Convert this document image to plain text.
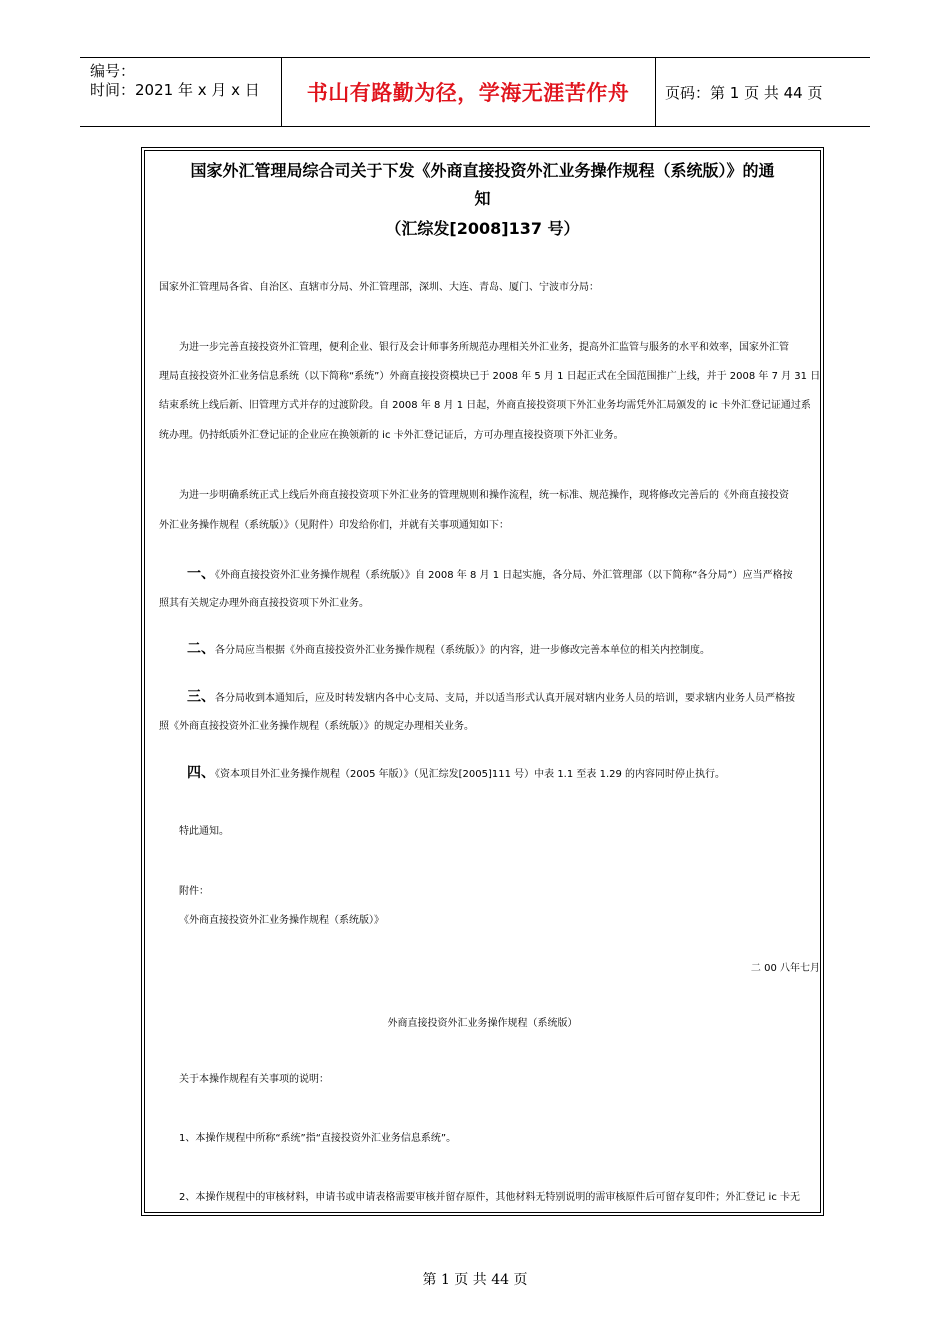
编号：
时间：2021 年 x 月 x 日	书山有路勤为径，学海无涯苦作舟	页码：第 1 页 共 44 页
国家外汇管理局综合司关于下发《外商直接投资外汇业务操作规程（系统版）》的通
知
（汇综发[2008]137 号）
国家外汇管理局各省、自治区、直辖市分局、外汇管理部，深圳、大连、青岛、厦门、宁波市分局：
为进一步完善直接投资外汇管理，便利企业、银行及会计师事务所规范办理相关外汇业务，提高外汇监管与服务的水平和效率，国家外汇管
理局直接投资外汇业务信息系统（以下简称“系统”）外商直接投资模块已于 2008 年 5 月 1 日起正式在全国范围推广上线，并于 2008 年 7 月 31 日
结束系统上线后新、旧管理方式并存的过渡阶段。自 2008 年 8 月 1 日起，外商直接投资项下外汇业务均需凭外汇局颁发的 ic 卡外汇登记证通过系
统办理。仍持纸质外汇登记证的企业应在换领新的 ic 卡外汇登记证后，方可办理直接投资项下外汇业务。
为进一步明确系统正式上线后外商直接投资项下外汇业务的管理规则和操作流程，统一标准、规范操作，现将修改完善后的《外商直接投资
外汇业务操作规程（系统版）》（见附件）印发给你们，并就有关事项通知如下：
一、《外商直接投资外汇业务操作规程（系统版）》自 2008 年 8 月 1 日起实施，各分局、外汇管理部（以下简称“各分局”）应当严格按
照其有关规定办理外商直接投资项下外汇业务。
二、各分局应当根据《外商直接投资外汇业务操作规程（系统版）》的内容，进一步修改完善本单位的相关内控制度。
三、各分局收到本通知后，应及时转发辖内各中心支局、支局，并以适当形式认真开展对辖内业务人员的培训，要求辖内业务人员严格按
照《外商直接投资外汇业务操作规程（系统版）》的规定办理相关业务。
四、《资本项目外汇业务操作规程（2005 年版）》（见汇综发[2005]111 号）中表 1.1 至表 1.29 的内容同时停止执行。
特此通知。
附件：
《外商直接投资外汇业务操作规程（系统版）》
二 00 八年七月
外商直接投资外汇业务操作规程（系统版）
关于本操作规程有关事项的说明：
1、本操作规程中所称“系统”指“直接投资外汇业务信息系统”。
2、本操作规程中的审核材料，申请书或申请表格需要审核并留存原件，其他材料无特别说明的需审核原件后可留存复印件；外汇登记 ic 卡无
第 1 页 共 44 页
